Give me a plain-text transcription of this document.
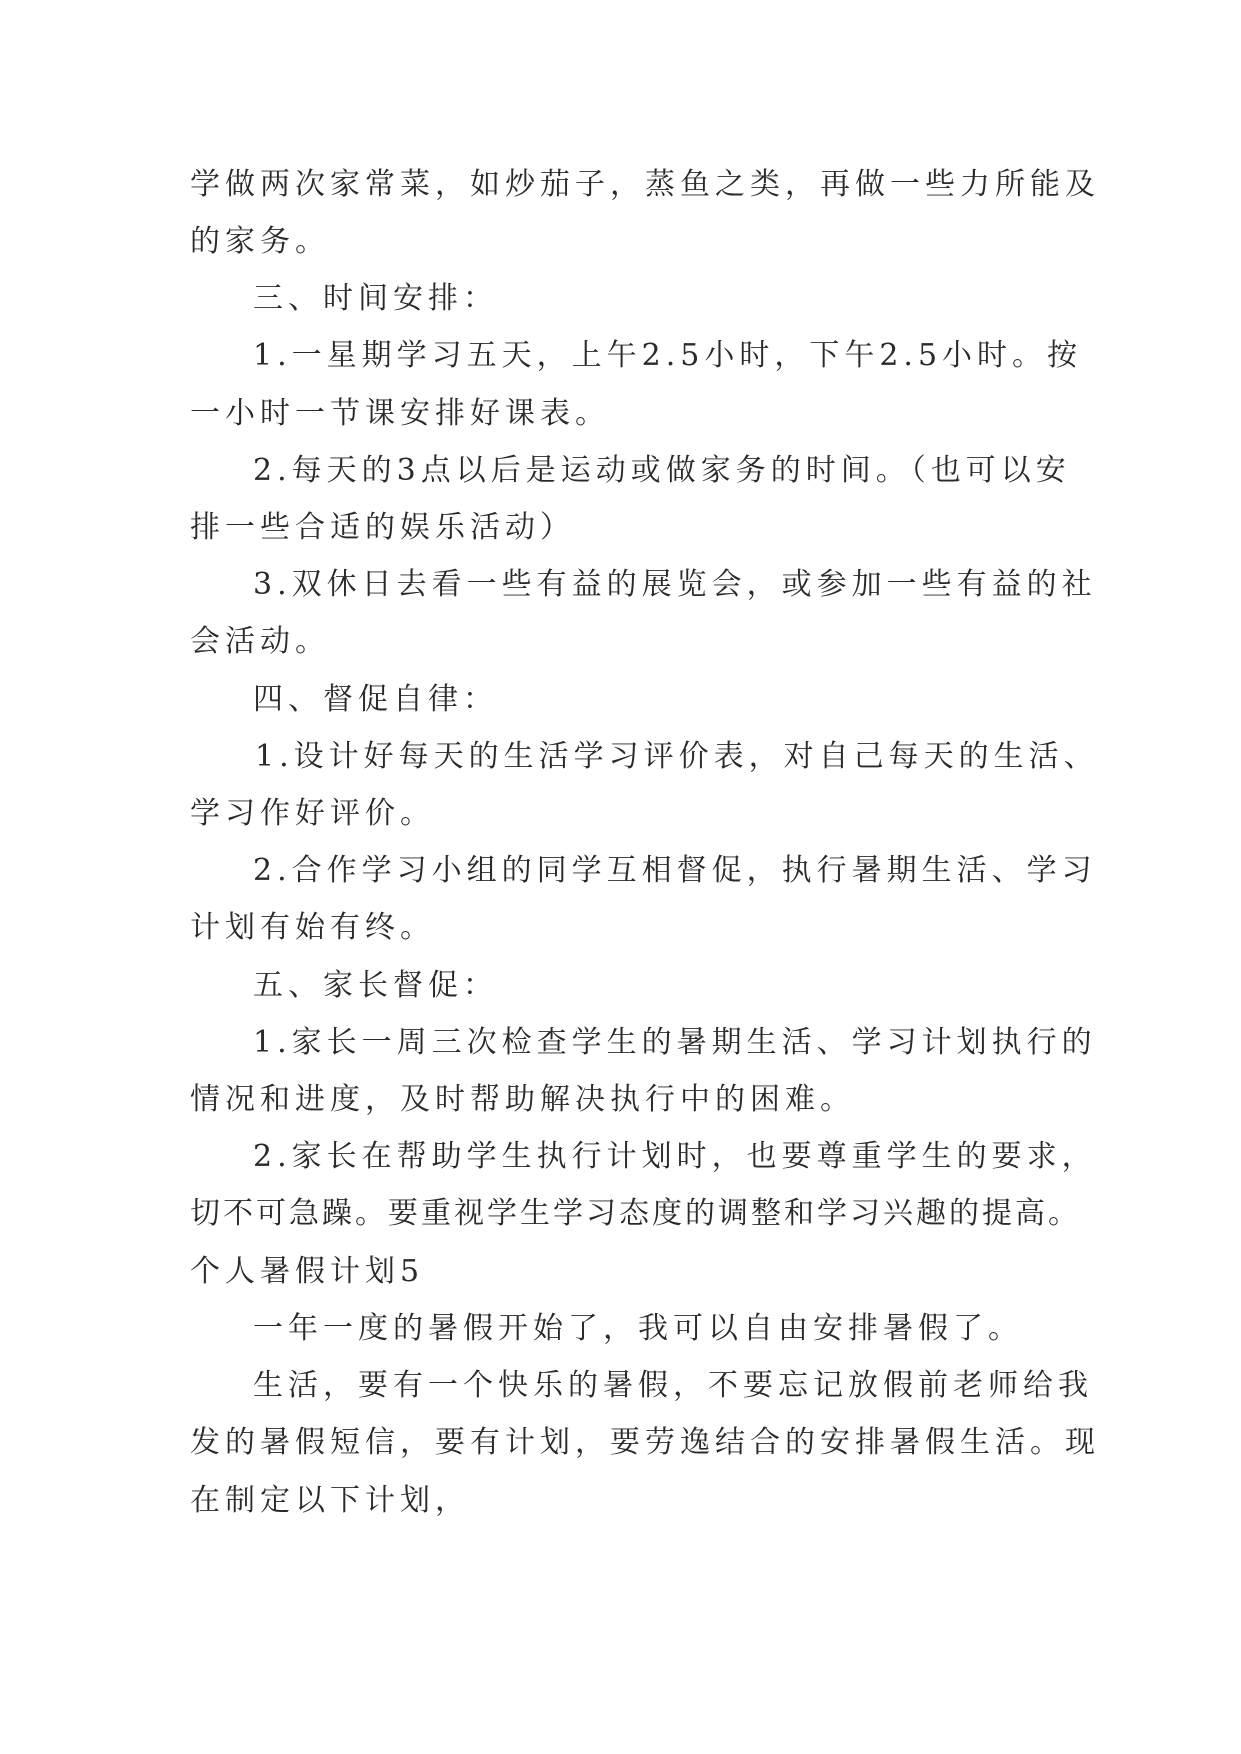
学做两次家常菜，如炒茄子，蒸鱼之类，再做一些力所能及
的家务。
三、时间安排：
1.一星期学习五天，上午2.5小时，下午2.5小时。按
一小时一节课安排好课表。
2.每天的3点以后是运动或做家务的时间。（也可以安
排一些合适的娱乐活动）
3.双休日去看一些有益的展览会，或参加一些有益的社
会活动。
四、督促自律：
1.设计好每天的生活学习评价表，对自己每天的生活、
学习作好评价。
2.合作学习小组的同学互相督促，执行暑期生活、学习
计划有始有终。
五、家长督促：
1.家长一周三次检查学生的暑期生活、学习计划执行的
情况和进度，及时帮助解决执行中的困难。
2.家长在帮助学生执行计划时，也要尊重学生的要求，
切不可急躁。要重视学生学习态度的调整和学习兴趣的提高。
个人暑假计划5
一年一度的暑假开始了，我可以自由安排暑假了。
生活，要有一个快乐的暑假，不要忘记放假前老师给我
发的暑假短信，要有计划，要劳逸结合的安排暑假生活。现
在制定以下计划，
